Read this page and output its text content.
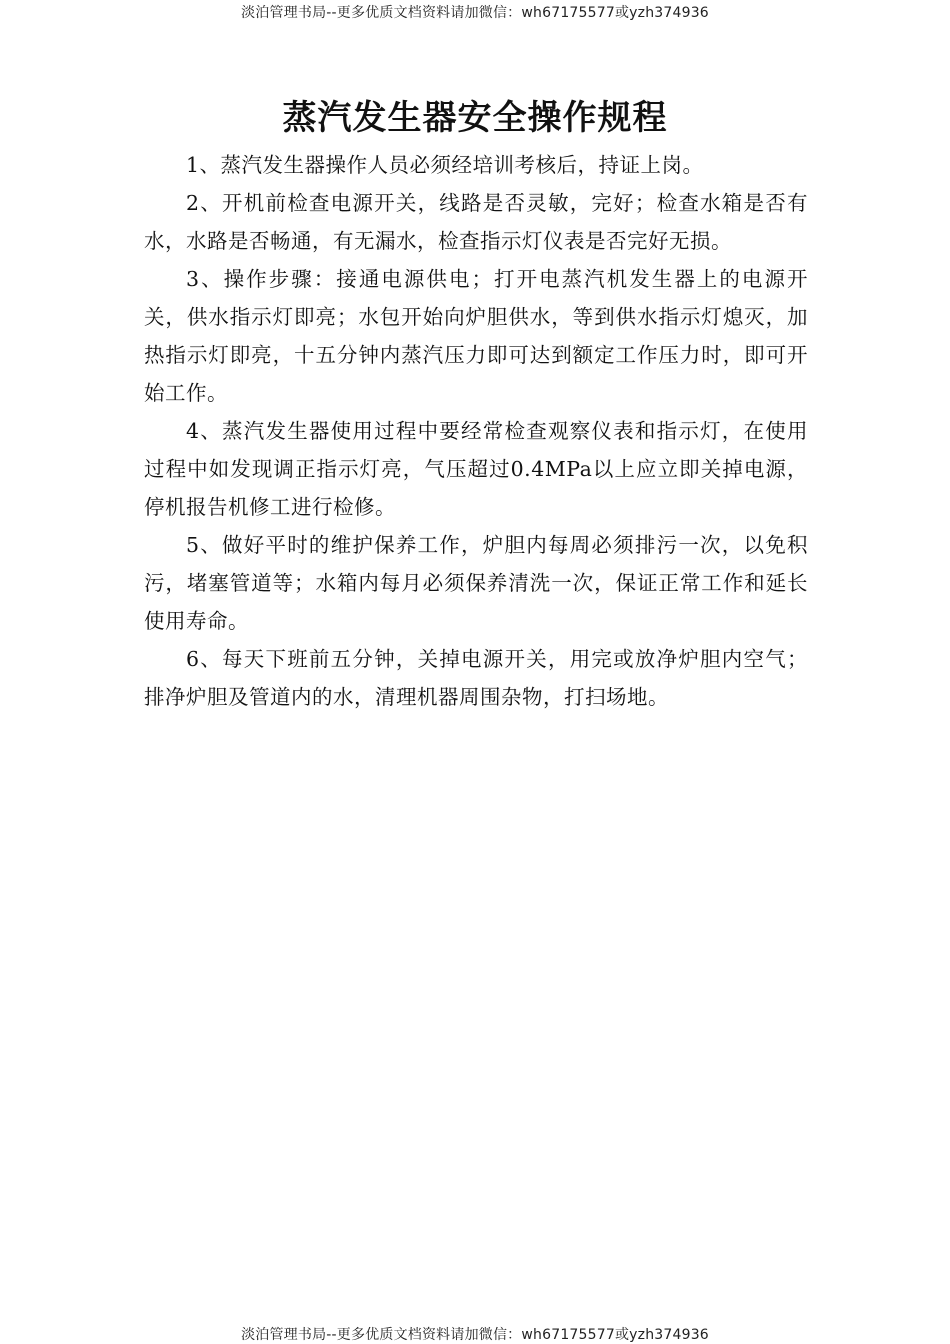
淡泊管理书局--更多优质文档资料请加微信：wh67175577或yzh374936
蒸汽发生器安全操作规程

1、蒸汽发生器操作人员必须经培训考核后，持证上岗。

2、开机前检查电源开关，线路是否灵敏，完好；检查水箱是否有水，水路是否畅通，有无漏水，检查指示灯仪表是否完好无损。

3、操作步骤：接通电源供电；打开电蒸汽机发生器上的电源开关，供水指示灯即亮；水包开始向炉胆供水，等到供水指示灯熄灭，加热指示灯即亮，十五分钟内蒸汽压力即可达到额定工作压力时，即可开始工作。

4、蒸汽发生器使用过程中要经常检查观察仪表和指示灯，在使用过程中如发现调正指示灯亮，气压超过0.4MPa以上应立即关掉电源，停机报告机修工进行检修。

5、做好平时的维护保养工作，炉胆内每周必须排污一次，以免积污，堵塞管道等；水箱内每月必须保养清洗一次，保证正常工作和延长使用寿命。

6、每天下班前五分钟，关掉电源开关，用完或放净炉胆内空气；排净炉胆及管道内的水，清理机器周围杂物，打扫场地。

淡泊管理书局--更多优质文档资料请加微信：wh67175577或yzh374936
